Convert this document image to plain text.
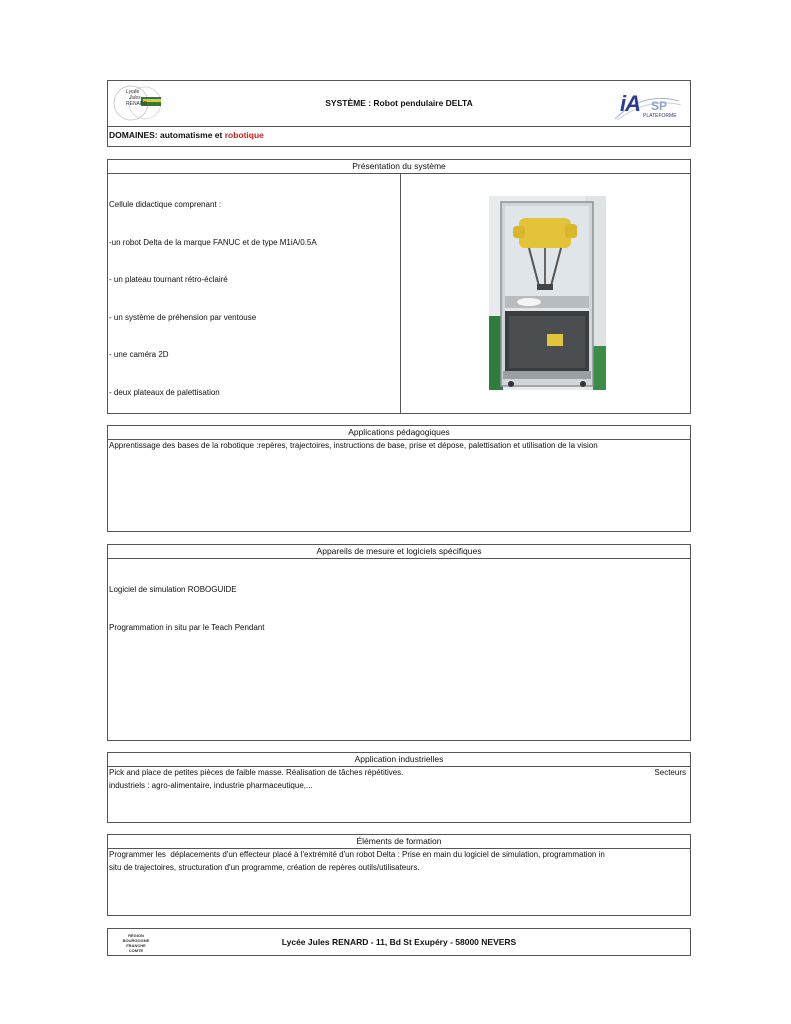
Lycée
Jules
RENARD	SYSTÈME : Robot pendulaire DELTA	iA SP
PLATEFORME
DOMAINES: automatisme et robotique
Présentation du système

Cellule didactique comprenant :

-un robot Delta de la marque FANUC et de type M1iA/0.5A

- un plateau tournant rétro-éclairé

- un système de préhension par ventouse

- une caméra 2D

- deux plateaux de palettisation

Applications pédagogiques
Apprentissage des bases de la robotique :repères, trajectoires, instructions de base, prise et dépose, palettisation et utilisation de la vision
Appareils de mesure et logiciels spécifiques

Logiciel de simulation ROBOGUIDE

Programmation in situ par le Teach Pendant

Application industrielles
Pick and place de petites pièces de faible masse. Réalisation de tâches répétitives.	Secteurs
industriels : agro-alimentaire, industrie pharmaceutique,...
Éléments de formation
Programmer les  déplacements d'un effecteur placé à l'extrémité d'un robot Delta : Prise en main du logiciel de simulation, programmation in
situ de trajectoires, structuration d'un programme, création de repères outils/utilisateurs.
RÉGION
BOURGOGNE
FRANCHE
COMTE
Lycée Jules RENARD - 11, Bd St Exupéry - 58000 NEVERS
